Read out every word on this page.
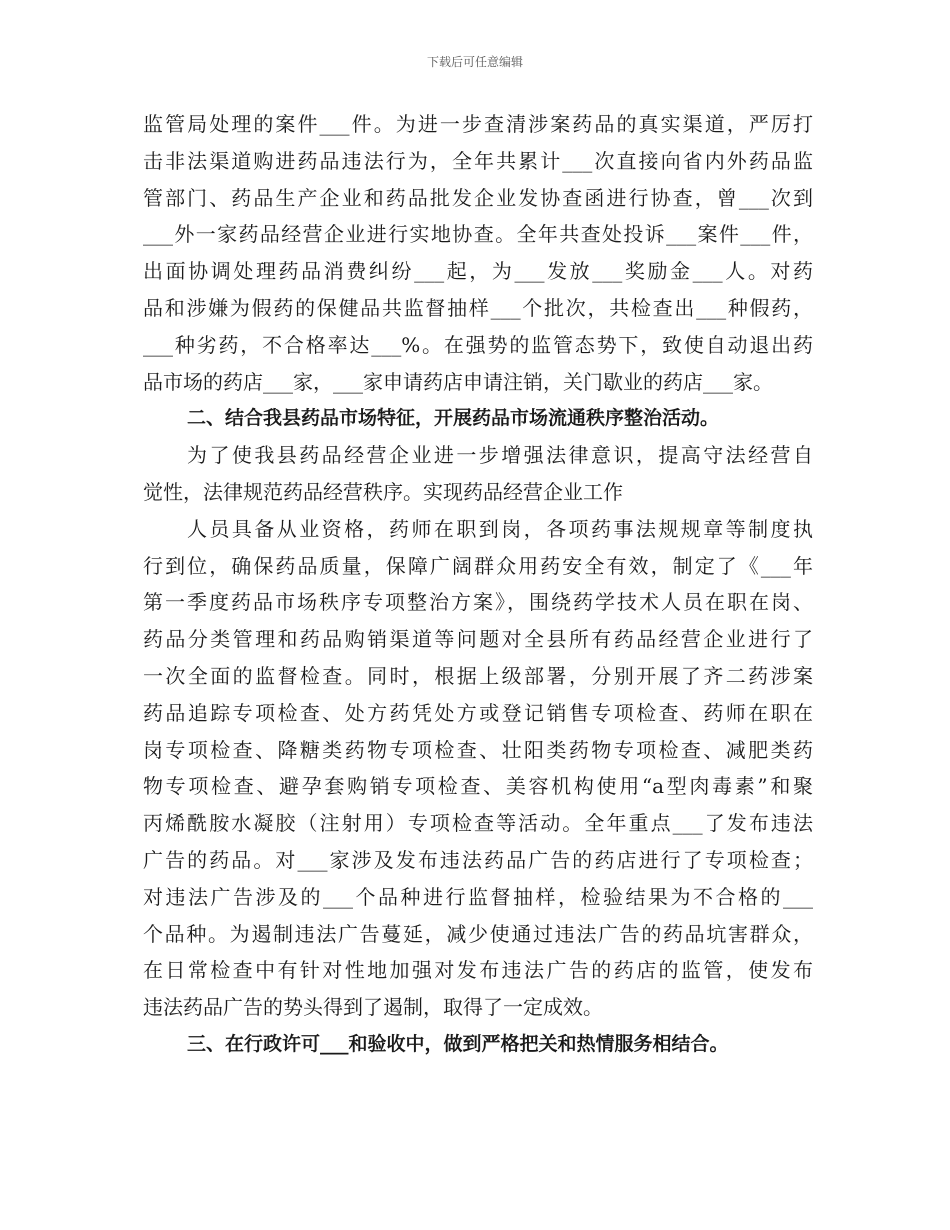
下载后可任意编辑
监管局处理的案件___件。为进一步查清涉案药品的真实渠道，严厉打
击非法渠道购进药品违法行为，全年共累计___次直接向省内外药品监
管部门、药品生产企业和药品批发企业发协查函进行协查，曾___次到
___外一家药品经营企业进行实地协查。全年共查处投诉___案件___件，
出面协调处理药品消费纠纷___起，为___发放___奖励金___人。对药
品和涉嫌为假药的保健品共监督抽样___个批次，共检查出___种假药，
___种劣药，不合格率达___%。在强势的监管态势下，致使自动退出药
品市场的药店___家，___家申请药店申请注销，关门歇业的药店___家。
二、结合我县药品市场特征，开展药品市场流通秩序整治活动。
为了使我县药品经营企业进一步增强法律意识，提高守法经营自
觉性，法律规范药品经营秩序。实现药品经营企业工作
人员具备从业资格，药师在职到岗，各项药事法规规章等制度执
行到位，确保药品质量，保障广阔群众用药安全有效，制定了《___年
第一季度药品市场秩序专项整治方案》，围绕药学技术人员在职在岗、
药品分类管理和药品购销渠道等问题对全县所有药品经营企业进行了
一次全面的监督检查。同时，根据上级部署，分别开展了齐二药涉案
药品追踪专项检查、处方药凭处方或登记销售专项检查、药师在职在
岗专项检查、降糖类药物专项检查、壮阳类药物专项检查、减肥类药
物专项检查、避孕套购销专项检查、美容机构使用“a型肉毒素”和聚
丙烯酰胺水凝胶（注射用）专项检查等活动。全年重点___了发布违法
广告的药品。对___家涉及发布违法药品广告的药店进行了专项检查；
对违法广告涉及的___个品种进行监督抽样，检验结果为不合格的___
个品种。为遏制违法广告蔓延，减少使通过违法广告的药品坑害群众，
在日常检查中有针对性地加强对发布违法广告的药店的监管，使发布
违法药品广告的势头得到了遏制，取得了一定成效。
三、在行政许可___和验收中，做到严格把关和热情服务相结合。
